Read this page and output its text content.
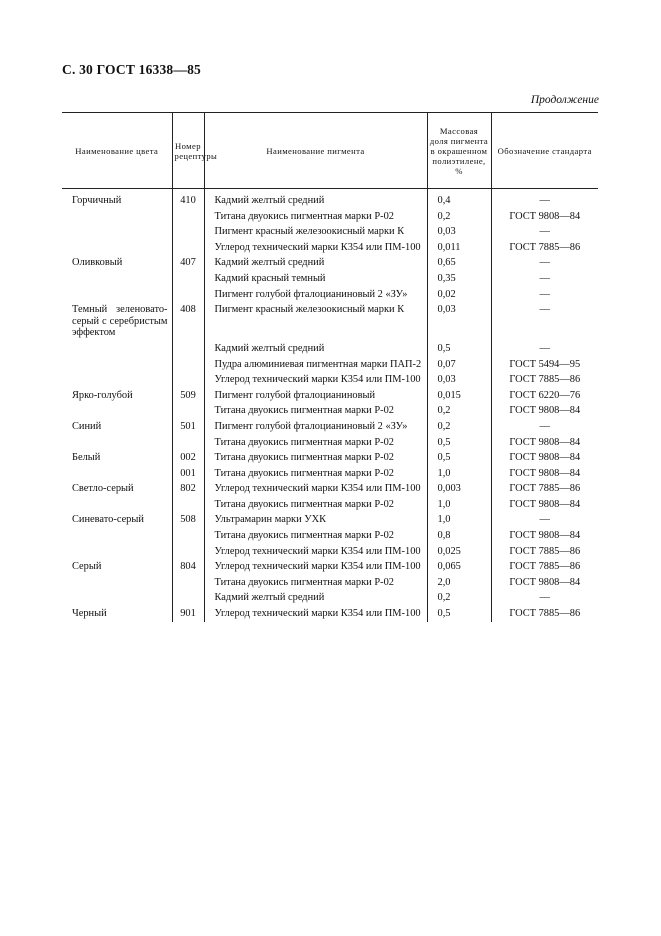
С. 30 ГОСТ 16338—85
Продолжение
Наименование цвета	Номер рецептуры	Наименование пигмента	Массовая доля пигмента в окрашенном полиэтилене, %	Обозначение стандарта
Горчичный	410	Кадмий желтый средний	0,4	—
		Титана двуокись пигментная марки Р-02	0,2	ГОСТ 9808—84
		Пигмент красный железоокисный марки К	0,03	—
		Углерод технический марки К354 или ПМ-100	0,011	ГОСТ 7885—86
Оливковый	407	Кадмий желтый средний	0,65	—
		Кадмий красный темный	0,35	—
		Пигмент голубой фталоцианиновый 2 «ЗУ»	0,02	—
Темный зеленовато-серый с серебристым эффектом	408	Пигмент красный железоокисный марки К	0,03	—
		Кадмий желтый средний	0,5	—
		Пудра алюминиевая пигментная марки ПАП-2	0,07	ГОСТ 5494—95
		Углерод технический марки К354 или ПМ-100	0,03	ГОСТ 7885—86
Ярко-голубой	509	Пигмент голубой фталоцианиновый	0,015	ГОСТ 6220—76
		Титана двуокись пигментная марки Р-02	0,2	ГОСТ 9808—84
Синий	501	Пигмент голубой фталоцианиновый 2 «ЗУ»	0,2	—
		Титана двуокись пигментная марки Р-02	0,5	ГОСТ 9808—84
Белый	002	Титана двуокись пигментная марки Р-02	0,5	ГОСТ 9808—84
	001	Титана двуокись пигментная марки Р-02	1,0	ГОСТ 9808—84
Светло-серый	802	Углерод технический марки К354 или ПМ-100	0,003	ГОСТ 7885—86
		Титана двуокись пигментная марки Р-02	1,0	ГОСТ 9808—84
Синевато-серый	508	Ультрамарин марки УХК	1,0	—
		Титана двуокись пигментная марки Р-02	0,8	ГОСТ 9808—84
		Углерод технический марки К354 или ПМ-100	0,025	ГОСТ 7885—86
Серый	804	Углерод технический марки К354 или ПМ-100	0,065	ГОСТ 7885—86
		Титана двуокись пигментная марки Р-02	2,0	ГОСТ 9808—84
		Кадмий желтый средний	0,2	—
Черный	901	Углерод технический марки К354 или ПМ-100	0,5	ГОСТ 7885—86
